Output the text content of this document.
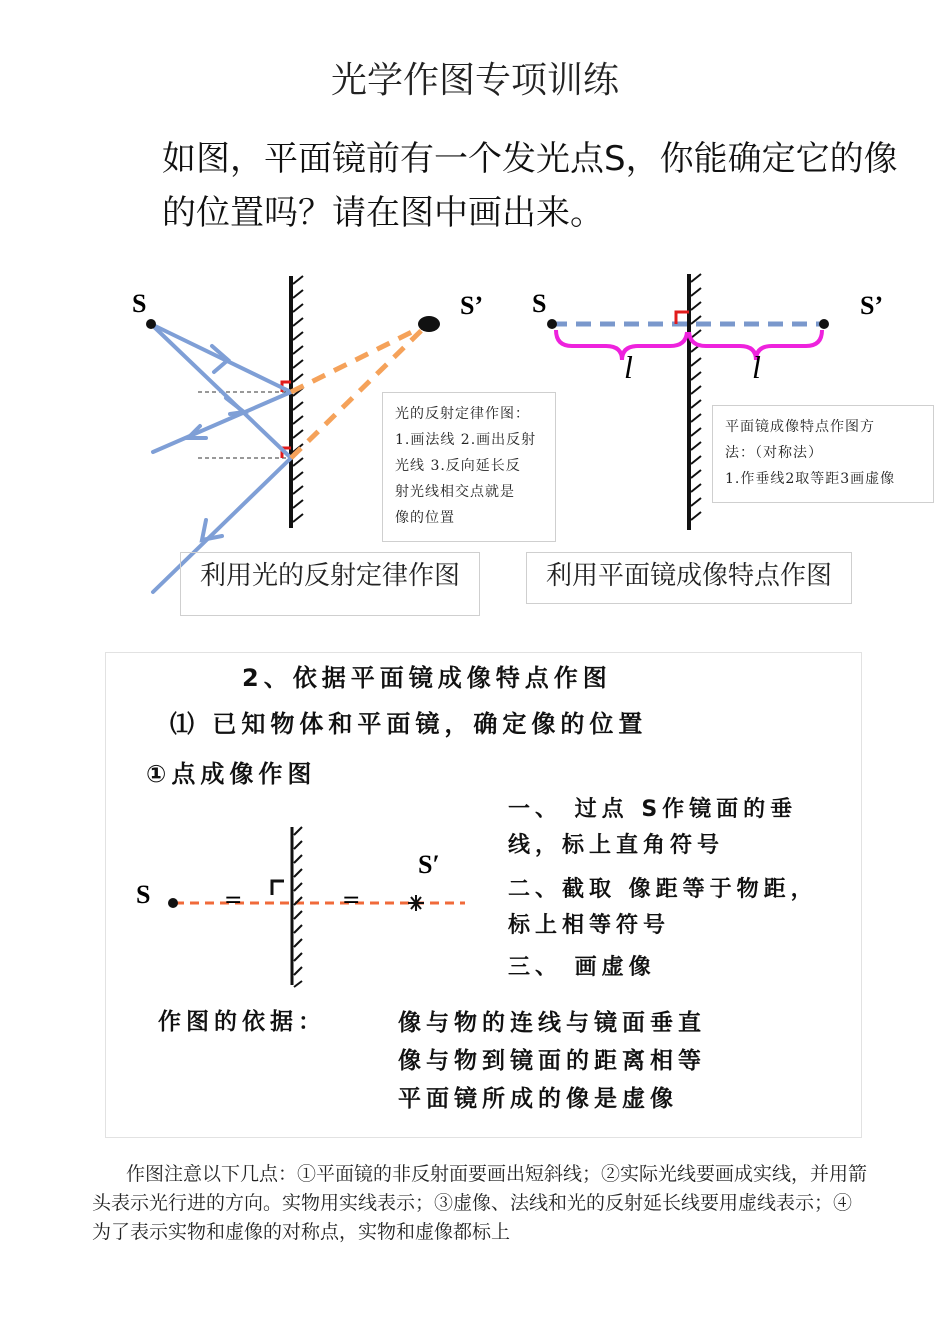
光学作图专项训练
如图，平面镜前有一个发光点S，你能确定它的像的位置吗？请在图中画出来。
S	S’ S	S’
l	l
光的反射定律作图：
1.画法线 2.画出反射
光线 3.反向延长反
射光线相交点就是
像的位置
平面镜成像特点作图方
法：（对称法）
1.作垂线2取等距3画虚像
利用光的反射定律作图	利用平面镜成像特点作图
2、依据平面镜成像特点作图
⑴ 已知物体和平面镜，确定像的位置
①点成像作图
S
S′
=	=
一、 过点 S作镜面的垂线，标上直角符号
二、截取 像距等于物距，标上相等符号
三、 画虚像
作图的依据：	像与物的连线与镜面垂直
像与物到镜面的距离相等
平面镜所成的像是虚像
作图注意以下几点：①平面镜的非反射面要画出短斜线；②实际光线要画成实线，并用箭头表示光行进的方向。实物用实线表示；③虚像、法线和光的反射延长线要用虚线表示；④为了表示实物和虚像的对称点，实物和虚像都标上
